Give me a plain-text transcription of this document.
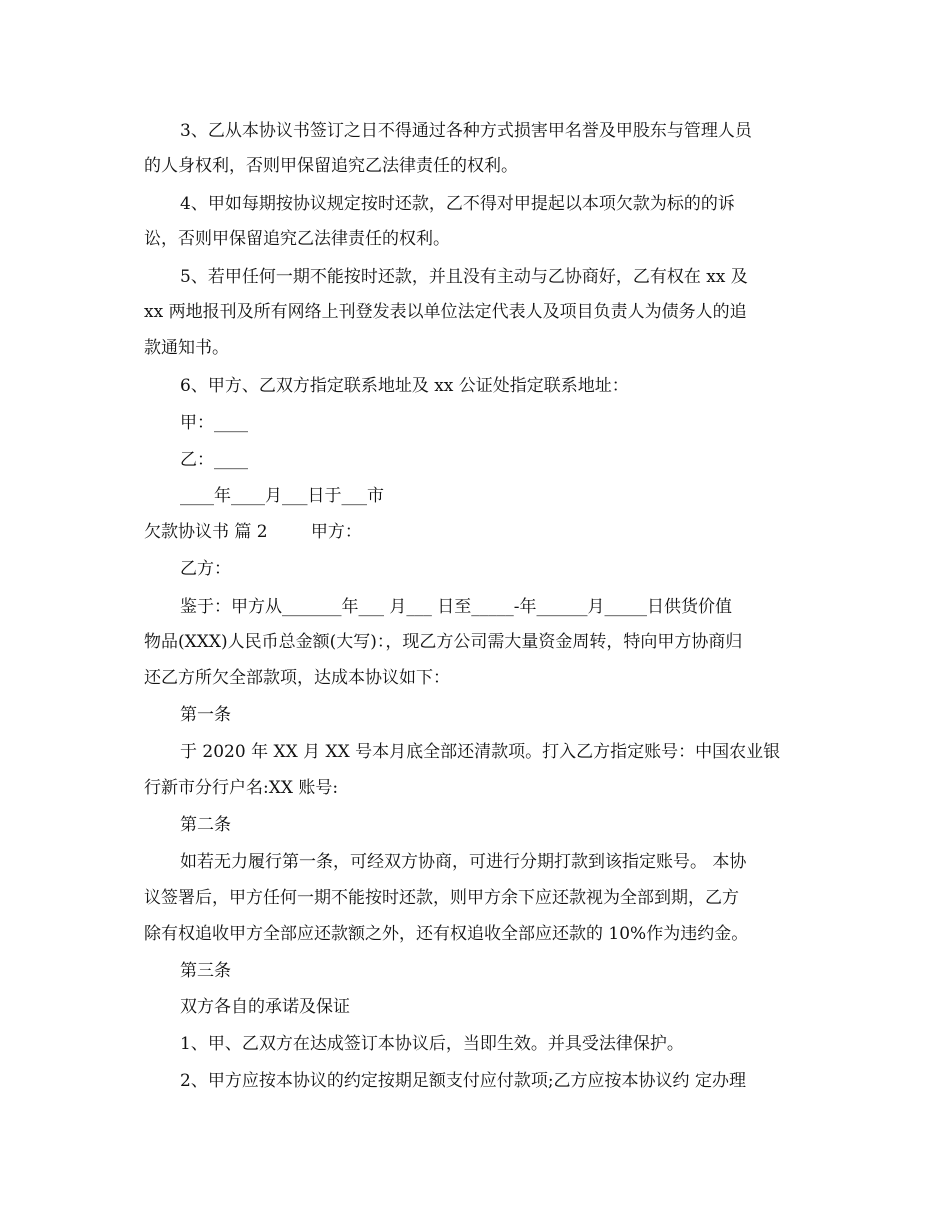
3、乙从本协议书签订之日不得通过各种方式损害甲名誉及甲股东与管理人员
的人身权利，否则甲保留追究乙法律责任的权利。
4、甲如每期按协议规定按时还款，乙不得对甲提起以本项欠款为标的的诉
讼，否则甲保留追究乙法律责任的权利。
5、若甲任何一期不能按时还款，并且没有主动与乙协商好，乙有权在 xx 及
xx 两地报刊及所有网络上刊登发表以单位法定代表人及项目负责人为债务人的追
款通知书。
6、甲方、乙双方指定联系地址及 xx 公证处指定联系地址：
甲：____
乙：____
____年____月___日于___市
欠款协议书 篇 2        甲方：
乙方：
鉴于：甲方从_______年___ 月___ 日至_____-年______月_____日供货价值
物品(XXX)人民币总金额(大写)：，现乙方公司需大量资金周转，特向甲方协商归
还乙方所欠全部款项，达成本协议如下：
第一条
于 2020 年 XX 月 XX 号本月底全部还清款项。打入乙方指定账号：中国农业银
行新市分行户名:XX 账号:
第二条
如若无力履行第一条，可经双方协商，可进行分期打款到该指定账号。 本协
议签署后，甲方任何一期不能按时还款，则甲方余下应还款视为全部到期，乙方
除有权追收甲方全部应还款额之外，还有权追收全部应还款的 10%作为违约金。
第三条
双方各自的承诺及保证
1、甲、乙双方在达成签订本协议后，当即生效。并具受法律保护。
2、甲方应按本协议的约定按期足额支付应付款项;乙方应按本协议约 定办理
